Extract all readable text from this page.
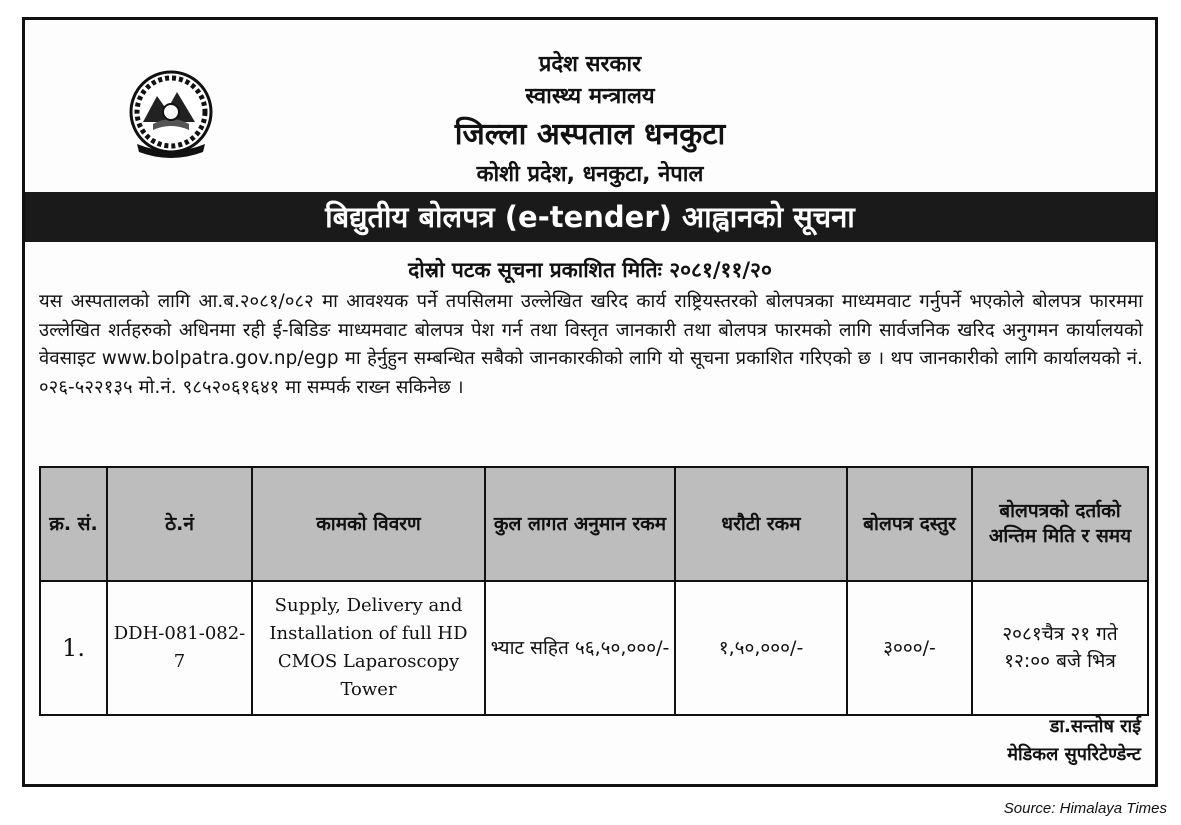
प्रदेश सरकार
स्वास्थ्य मन्त्रालय
जिल्ला अस्पताल धनकुटा
कोशी प्रदेश, धनकुटा, नेपाल
बिद्युतीय बोलपत्र (e-tender) आह्वानको सूचना
दोस्रो पटक सूचना प्रकाशित मितिः २०८१/११/२०
यस अस्पतालको लागि आ.ब.२०८१/०८२ मा आवश्यक पर्ने तपसिलमा उल्लेखित खरिद कार्य राष्ट्रियस्तरको बोलपत्रका माध्यमवाट गर्नुपर्ने भएकोले बोलपत्र फारममा उल्लेखित शर्तहरुको अधिनमा रही ई-बिडिङ माध्यमवाट बोलपत्र पेश गर्न तथा विस्तृत जानकारी तथा बोलपत्र फारमको लागि सार्वजनिक खरिद अनुगमन कार्यालयको वेवसाइट www.bolpatra.gov.np/egp मा हेर्नुहुन सम्बन्धित सबैको जानकारकीको लागि यो सूचना प्रकाशित गरिएको छ । थप जानकारीको लागि कार्यालयको नं. ०२६-५२२१३५ मो.नं. ९८५२०६१६४१ मा सम्पर्क राख्न सकिनेछ ।
क्र. सं.	ठे.नं	कामको विवरण	कुल लागत अनुमान रकम	धरौटी रकम	बोलपत्र दस्तुर	बोलपत्रको दर्ताको अन्तिम मिति र समय
1.	DDH-081-082-7	Supply, Delivery and Installation of full HD CMOS Laparoscopy Tower	भ्याट सहित ५६,५०,०००/-	१,५०,०००/-	३०००/-	२०८१चैत्र २१ गते १२:०० बजे भित्र
डा.सन्तोष राई
मेडिकल सुपरिटेण्डेन्ट
Source: Himalaya Times
